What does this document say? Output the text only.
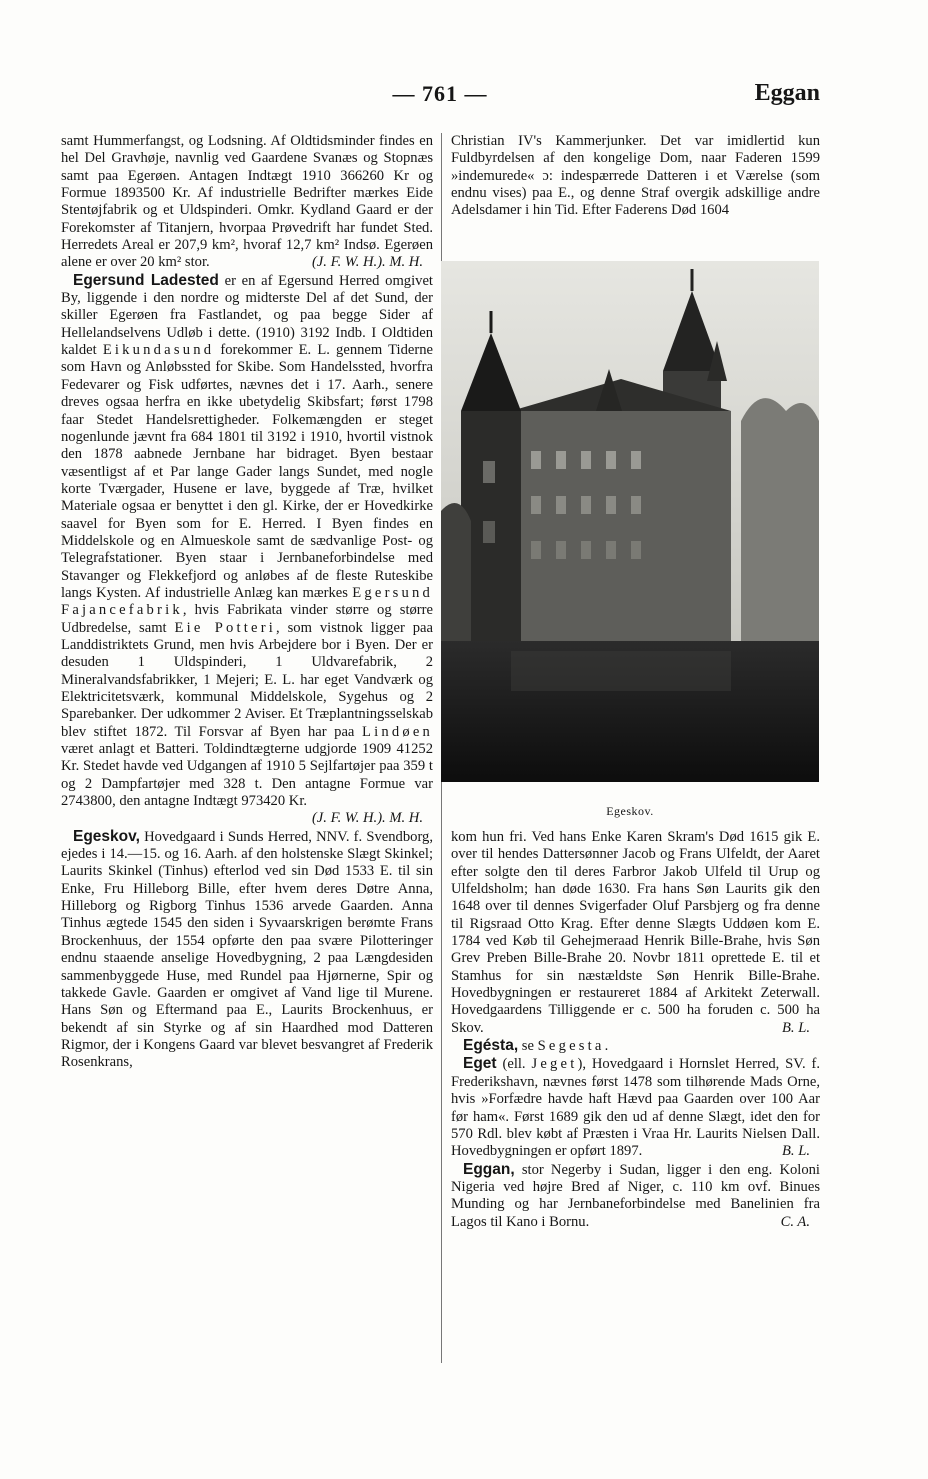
— 761 —	Eggan

samt Hummerfangst, og Lodsning. Af Oldtidsminder findes en hel Del Gravhøje, navnlig ved Gaardene Svanæs og Stopnæs samt paa Egerøen. Antagen Indtægt 1910 366260 Kr og Formue 1893500 Kr. Af industrielle Bedrifter mærkes Eide Stentøjfabrik og et Uldspinderi. Omkr. Kydland Gaard er der Forekomster af Titanjern, hvorpaa Prøvedrift har fundet Sted. Herredets Areal er 207,9 km², hvoraf 12,7 km² Indsø. Egerøen alene er over 20 km² stor.	(J. F. W. H.). M. H.

Egersund Ladested er en af Egersund Herred omgivet By, liggende i den nordre og midterste Del af det Sund, der skiller Egerøen fra Fastlandet, og paa begge Sider af Hellelandselvens Udløb i dette. (1910) 3192 Indb. I Oldtiden kaldet Eikundasund forekommer E. L. gennem Tiderne som Havn og Anløbssted for Skibe. Som Handelssted, hvorfra Fedevarer og Fisk udførtes, nævnes det i 17. Aarh., senere dreves ogsaa herfra en ikke ubetydelig Skibsfart; først 1798 faar Stedet Handelsrettigheder. Folkemængden er steget nogenlunde jævnt fra 684 1801 til 3192 i 1910, hvortil vistnok den 1878 aabnede Jernbane har bidraget. Byen bestaar væsentligst af et Par lange Gader langs Sundet, med nogle korte Tværgader, Husene er lave, byggede af Træ, hvilket Materiale ogsaa er benyttet i den gl. Kirke, der er Hovedkirke saavel for Byen som for E. Herred. I Byen findes en Middelskole og en Almueskole samt de sædvanlige Post- og Telegrafstationer. Byen staar i Jernbaneforbindelse med Stavanger og Flekkefjord og anløbes af de fleste Ruteskibe langs Kysten. Af industrielle Anlæg kan mærkes Egersund Fajancefabrik, hvis Fabrikata vinder større og større Udbredelse, samt Eie Potteri, som vistnok ligger paa Landdistriktets Grund, men hvis Arbejdere bor i Byen. Der er desuden 1 Uldspinderi, 1 Uldvarefabrik, 2 Mineralvandsfabrikker, 1 Mejeri; E. L. har eget Vandværk og Elektricitetsværk, kommunal Middelskole, Sygehus og 2 Sparebanker. Der udkommer 2 Aviser. Et Træplantningsselskab blev stiftet 1872. Til Forsvar af Byen har paa Lindøen været anlagt et Batteri. Toldindtægterne udgjorde 1909 41252 Kr. Stedet havde ved Udgangen af 1910 5 Sejlfartøjer paa 359 t og 2 Dampfartøjer med 328 t. Den antagne Formue var 2743800, den antagne Indtægt 973420 Kr.
(J. F. W. H.). M. H.

Egeskov, Hovedgaard i Sunds Herred, NNV. f. Svendborg, ejedes i 14.—15. og 16. Aarh. af den holstenske Slægt Skinkel; Laurits Skinkel (Tinhus) efterlod ved sin Død 1533 E. til sin Enke, Fru Hilleborg Bille, efter hvem deres Døtre Anna, Hilleborg og Rigborg Tinhus 1536 arvede Gaarden. Anna Tinhus ægtede 1545 den siden i Syvaarskrigen berømte Frans Brockenhuus, der 1554 opførte den paa svære Pilotteringer endnu staaende anselige Hovedbygning, 2 paa Længdesiden sammenbyggede Huse, med Rundel paa Hjørnerne, Spir og takkede Gavle. Gaarden er omgivet af Vand lige til Murene. Hans Søn og Eftermand paa E., Laurits Brockenhuus, er bekendt af sin Styrke og af sin Haardhed mod Datteren Rigmor, der i Kongens Gaard var blevet besvangret af Frederik Rosenkrans,

Christian IV's Kammerjunker. Det var imidlertid kun Fuldbyrdelsen af den kongelige Dom, naar Faderen 1599 »indemurede« ɔ: indespærrede Datteren i et Værelse (som endnu vises) paa E., og denne Straf overgik adskillige andre Adelsdamer i hin Tid. Efter Faderens Død 1604

Egeskov.

kom hun fri. Ved hans Enke Karen Skram's Død 1615 gik E. over til hendes Dattersønner Jacob og Frans Ulfeldt, der Aaret efter solgte den til deres Farbror Jakob Ulfeld til Urup og Ulfeldsholm; han døde 1630. Fra hans Søn Laurits gik den 1648 over til dennes Svigerfader Oluf Parsbjerg og fra denne til Rigsraad Otto Krag. Efter denne Slægts Uddøen kom E. 1784 ved Køb til Gehejmeraad Henrik Bille-Brahe, hvis Søn Grev Preben Bille-Brahe 20. Novbr 1811 oprettede E. til et Stamhus for sin næstældste Søn Henrik Bille-Brahe. Hovedbygningen er restaureret 1884 af Arkitekt Zeterwall. Hovedgaardens Tilliggende er c. 500 ha foruden c. 500 ha Skov.	B. L.

Egésta, se Segesta.

Eget (ell. Jeget), Hovedgaard i Hornslet Herred, SV. f. Frederikshavn, nævnes først 1478 som tilhørende Mads Orne, hvis »Forfædre havde haft Hævd paa Gaarden over 100 Aar før ham«. Først 1689 gik den ud af denne Slægt, idet den for 570 Rdl. blev købt af Præsten i Vraa Hr. Laurits Nielsen Dall. Hovedbygningen er opført 1897.	B. L.

Eggan, stor Negerby i Sudan, ligger i den eng. Koloni Nigeria ved højre Bred af Niger, c. 110 km ovf. Binues Munding og har Jernbaneforbindelse med Banelinien fra Lagos til Kano i Bornu.	C. A.
